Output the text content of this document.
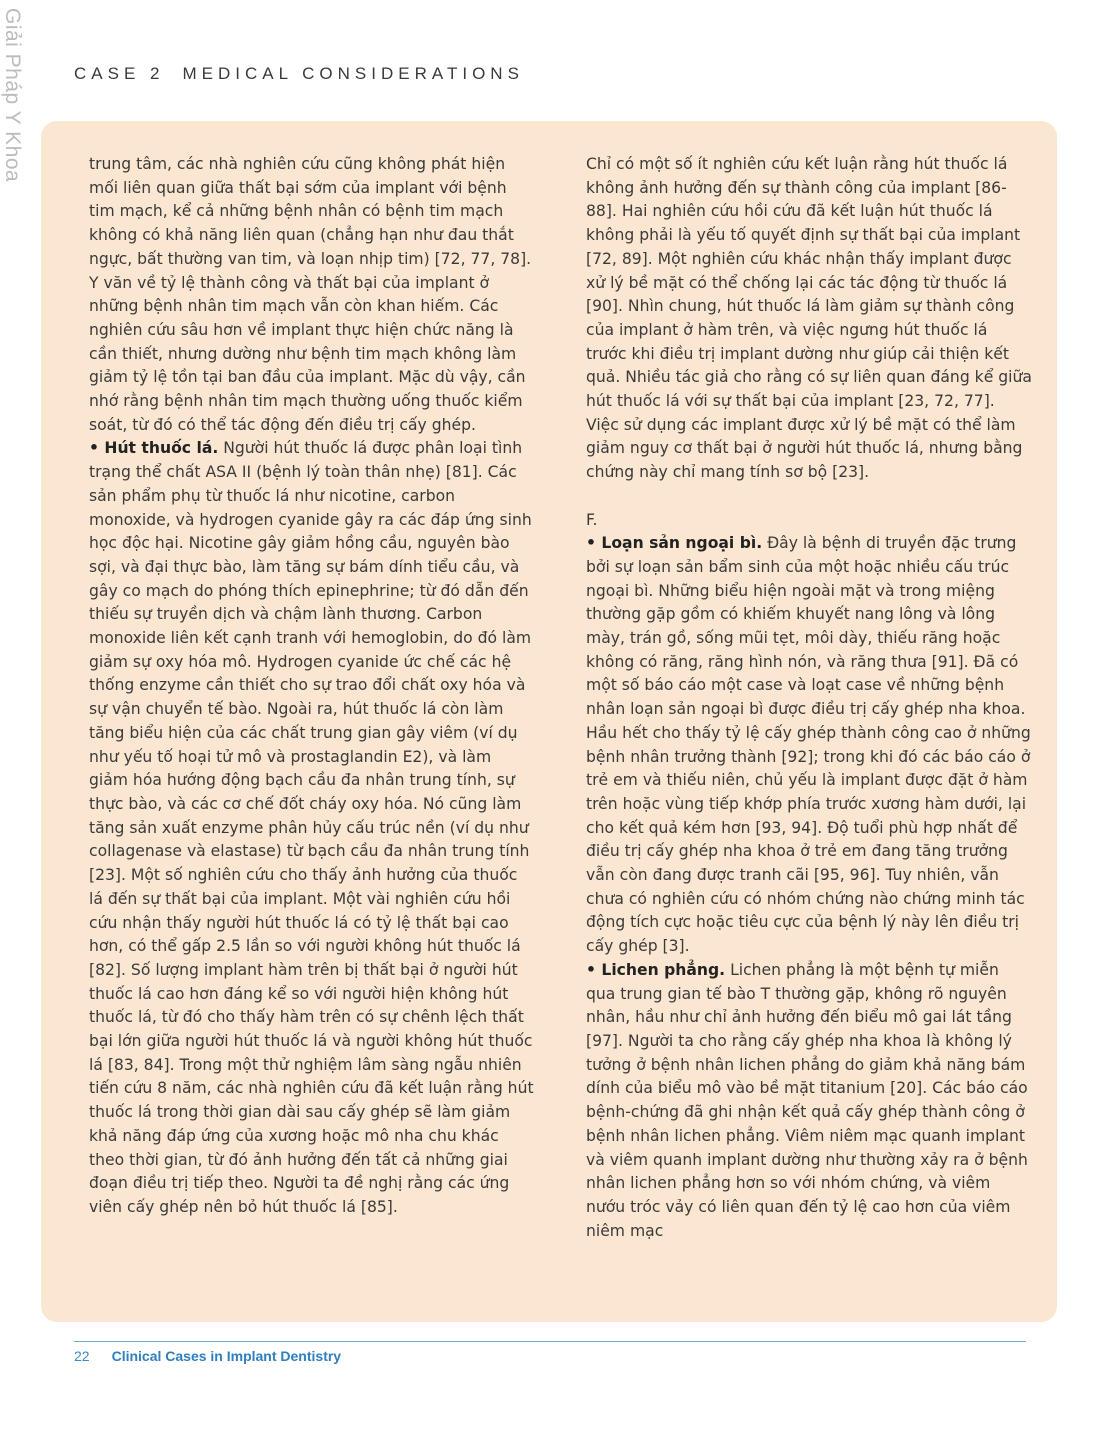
Giải Pháp Y Khoa	CASE 2 MEDICAL CONSIDERATIONS

trung tâm, các nhà nghiên cứu cũng không phát hiện mối liên quan giữa thất bại sớm của implant với bệnh tim mạch, kể cả những bệnh nhân có bệnh tim mạch không có khả năng liên quan (chẳng hạn như đau thắt ngực, bất thường van tim, và loạn nhịp tim) [72, 77, 78]. Y văn về tỷ lệ thành công và thất bại của implant ở những bệnh nhân tim mạch vẫn còn khan hiếm. Các nghiên cứu sâu hơn về implant thực hiện chức năng là cần thiết, nhưng dường như bệnh tim mạch không làm giảm tỷ lệ tồn tại ban đầu của implant. Mặc dù vậy, cần nhớ rằng bệnh nhân tim mạch thường uống thuốc kiểm soát, từ đó có thể tác động đến điều trị cấy ghép.

• Hút thuốc lá. Người hút thuốc lá được phân loại tình trạng thể chất ASA II (bệnh lý toàn thân nhẹ) [81]. Các sản phẩm phụ từ thuốc lá như nicotine, carbon monoxide, và hydrogen cyanide gây ra các đáp ứng sinh học độc hại. Nicotine gây giảm hồng cầu, nguyên bào sợi, và đại thực bào, làm tăng sự bám dính tiểu cầu, và gây co mạch do phóng thích epinephrine; từ đó dẫn đến thiếu sự truyền dịch và chậm lành thương. Carbon monoxide liên kết cạnh tranh với hemoglobin, do đó làm giảm sự oxy hóa mô. Hydrogen cyanide ức chế các hệ thống enzyme cần thiết cho sự trao đổi chất oxy hóa và sự vận chuyển tế bào. Ngoài ra, hút thuốc lá còn làm tăng biểu hiện của các chất trung gian gây viêm (ví dụ như yếu tố hoại tử mô và prostaglandin E2), và làm giảm hóa hướng động bạch cầu đa nhân trung tính, sự thực bào, và các cơ chế đốt cháy oxy hóa. Nó cũng làm tăng sản xuất enzyme phân hủy cấu trúc nền (ví dụ như collagenase và elastase) từ bạch cầu đa nhân trung tính [23]. Một số nghiên cứu cho thấy ảnh hưởng của thuốc lá đến sự thất bại của implant. Một vài nghiên cứu hồi cứu nhận thấy người hút thuốc lá có tỷ lệ thất bại cao hơn, có thể gấp 2.5 lần so với người không hút thuốc lá [82]. Số lượng implant hàm trên bị thất bại ở người hút thuốc lá cao hơn đáng kể so với người hiện không hút thuốc lá, từ đó cho thấy hàm trên có sự chênh lệch thất bại lớn giữa người hút thuốc lá và người không hút thuốc lá [83, 84]. Trong một thử nghiệm lâm sàng ngẫu nhiên tiến cứu 8 năm, các nhà nghiên cứu đã kết luận rằng hút thuốc lá trong thời gian dài sau cấy ghép sẽ làm giảm khả năng đáp ứng của xương hoặc mô nha chu khác theo thời gian, từ đó ảnh hưởng đến tất cả những giai đoạn điều trị tiếp theo. Người ta đề nghị rằng các ứng viên cấy ghép nên bỏ hút thuốc lá [85].

Chỉ có một số ít nghiên cứu kết luận rằng hút thuốc lá không ảnh hưởng đến sự thành công của implant [86-88]. Hai nghiên cứu hồi cứu đã kết luận hút thuốc lá không phải là yếu tố quyết định sự thất bại của implant [72, 89]. Một nghiên cứu khác nhận thấy implant được xử lý bề mặt có thể chống lại các tác động từ thuốc lá [90]. Nhìn chung, hút thuốc lá làm giảm sự thành công của implant ở hàm trên, và việc ngưng hút thuốc lá trước khi điều trị implant dường như giúp cải thiện kết quả. Nhiều tác giả cho rằng có sự liên quan đáng kể giữa hút thuốc lá với sự thất bại của implant [23, 72, 77]. Việc sử dụng các implant được xử lý bề mặt có thể làm giảm nguy cơ thất bại ở người hút thuốc lá, nhưng bằng chứng này chỉ mang tính sơ bộ [23].

F.

• Loạn sản ngoại bì. Đây là bệnh di truyền đặc trưng bởi sự loạn sản bẩm sinh của một hoặc nhiều cấu trúc ngoại bì. Những biểu hiện ngoài mặt và trong miệng thường gặp gồm có khiếm khuyết nang lông và lông mày, trán gồ, sống mũi tẹt, môi dày, thiếu răng hoặc không có răng, răng hình nón, và răng thưa [91]. Đã có một số báo cáo một case và loạt case về những bệnh nhân loạn sản ngoại bì được điều trị cấy ghép nha khoa. Hầu hết cho thấy tỷ lệ cấy ghép thành công cao ở những bệnh nhân trưởng thành [92]; trong khi đó các báo cáo ở trẻ em và thiếu niên, chủ yếu là implant được đặt ở hàm trên hoặc vùng tiếp khớp phía trước xương hàm dưới, lại cho kết quả kém hơn [93, 94]. Độ tuổi phù hợp nhất để điều trị cấy ghép nha khoa ở trẻ em đang tăng trưởng vẫn còn đang được tranh cãi [95, 96]. Tuy nhiên, vẫn chưa có nghiên cứu có nhóm chứng nào chứng minh tác động tích cực hoặc tiêu cực của bệnh lý này lên điều trị cấy ghép [3].

• Lichen phẳng. Lichen phẳng là một bệnh tự miễn qua trung gian tế bào T thường gặp, không rõ nguyên nhân, hầu như chỉ ảnh hưởng đến biểu mô gai lát tầng [97]. Người ta cho rằng cấy ghép nha khoa là không lý tưởng ở bệnh nhân lichen phẳng do giảm khả năng bám dính của biểu mô vào bề mặt titanium [20]. Các báo cáo bệnh-chứng đã ghi nhận kết quả cấy ghép thành công ở bệnh nhân lichen phẳng. Viêm niêm mạc quanh implant và viêm quanh implant dường như thường xảy ra ở bệnh nhân lichen phẳng hơn so với nhóm chứng, và viêm nướu tróc vảy có liên quan đến tỷ lệ cao hơn của viêm niêm mạc

22 Clinical Cases in Implant Dentistry
